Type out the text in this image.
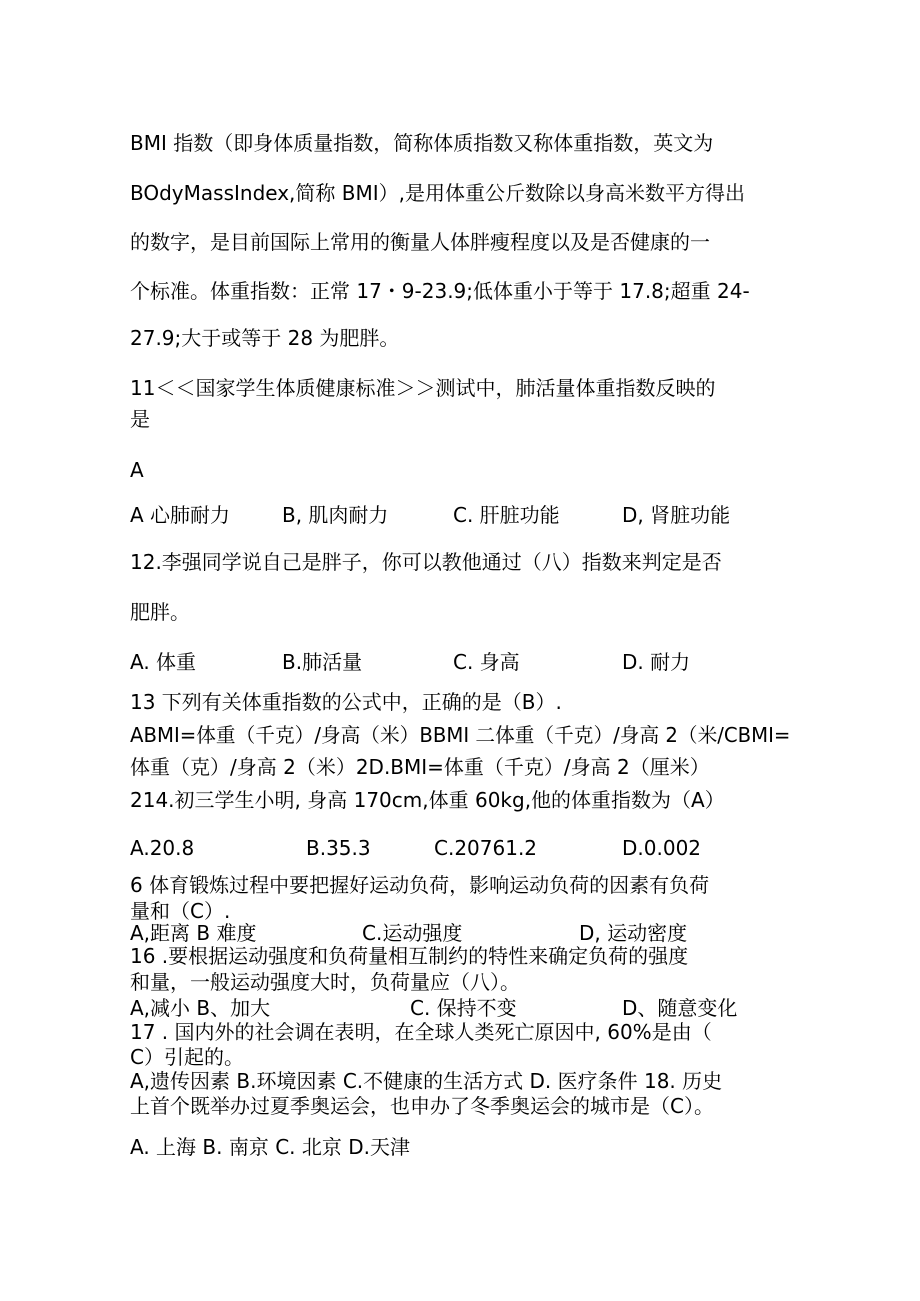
BMI 指数（即身体质量指数，简称体质指数又称体重指数，英文为
BOdyMassIndex,简称 BMI）,是用体重公斤数除以身高米数平方得出
的数字，是目前国际上常用的衡量人体胖瘦程度以及是否健康的一
个标准。体重指数：正常 17・9-23.9;低体重小于等于 17.8;超重 24-
27.9;大于或等于 28 为肥胖。
11＜＜国家学生体质健康标准＞＞测试中，肺活量体重指数反映的
是
A
A 心肺耐力	B, 肌肉耐力	C. 肝脏功能	D, 肾脏功能
12.李强同学说自己是胖子，你可以教他通过（八）指数来判定是否
肥胖。
A. 体重	B.肺活量	C. 身高	D. 耐力
13 下列有关体重指数的公式中，正确的是（B）.
ABMI=体重（千克）/身高（米）BBMI 二体重（千克）/身高 2（米/CBMI=
体重（克）/身高 2（米）2D.BMI=体重（千克）/身高 2（厘米）
214.初三学生小明, 身高 170cm,体重 60kg,他的体重指数为（A）
A.20.8	B.35.3	C.20761.2	D.0.002
6 体育锻炼过程中要把握好运动负荷，影响运动负荷的因素有负荷
量和（C）.
A,距离 B 难度	C.运动强度	D, 运动密度
16 .要根据运动强度和负荷量相互制约的特性来确定负荷的强度
和量，一般运动强度大时，负荷量应（八）。
A,减小 B、加大	C. 保持不变	D、随意变化
17 . 国内外的社会调在表明，在全球人类死亡原因中, 60%是由（
C）引起的。
A,遗传因素 B.环境因素 C.不健康的生活方式 D. 医疗条件 18. 历史
上首个既举办过夏季奥运会，也申办了冬季奥运会的城市是（C）。
A. 上海 B. 南京 C. 北京 D.天津
